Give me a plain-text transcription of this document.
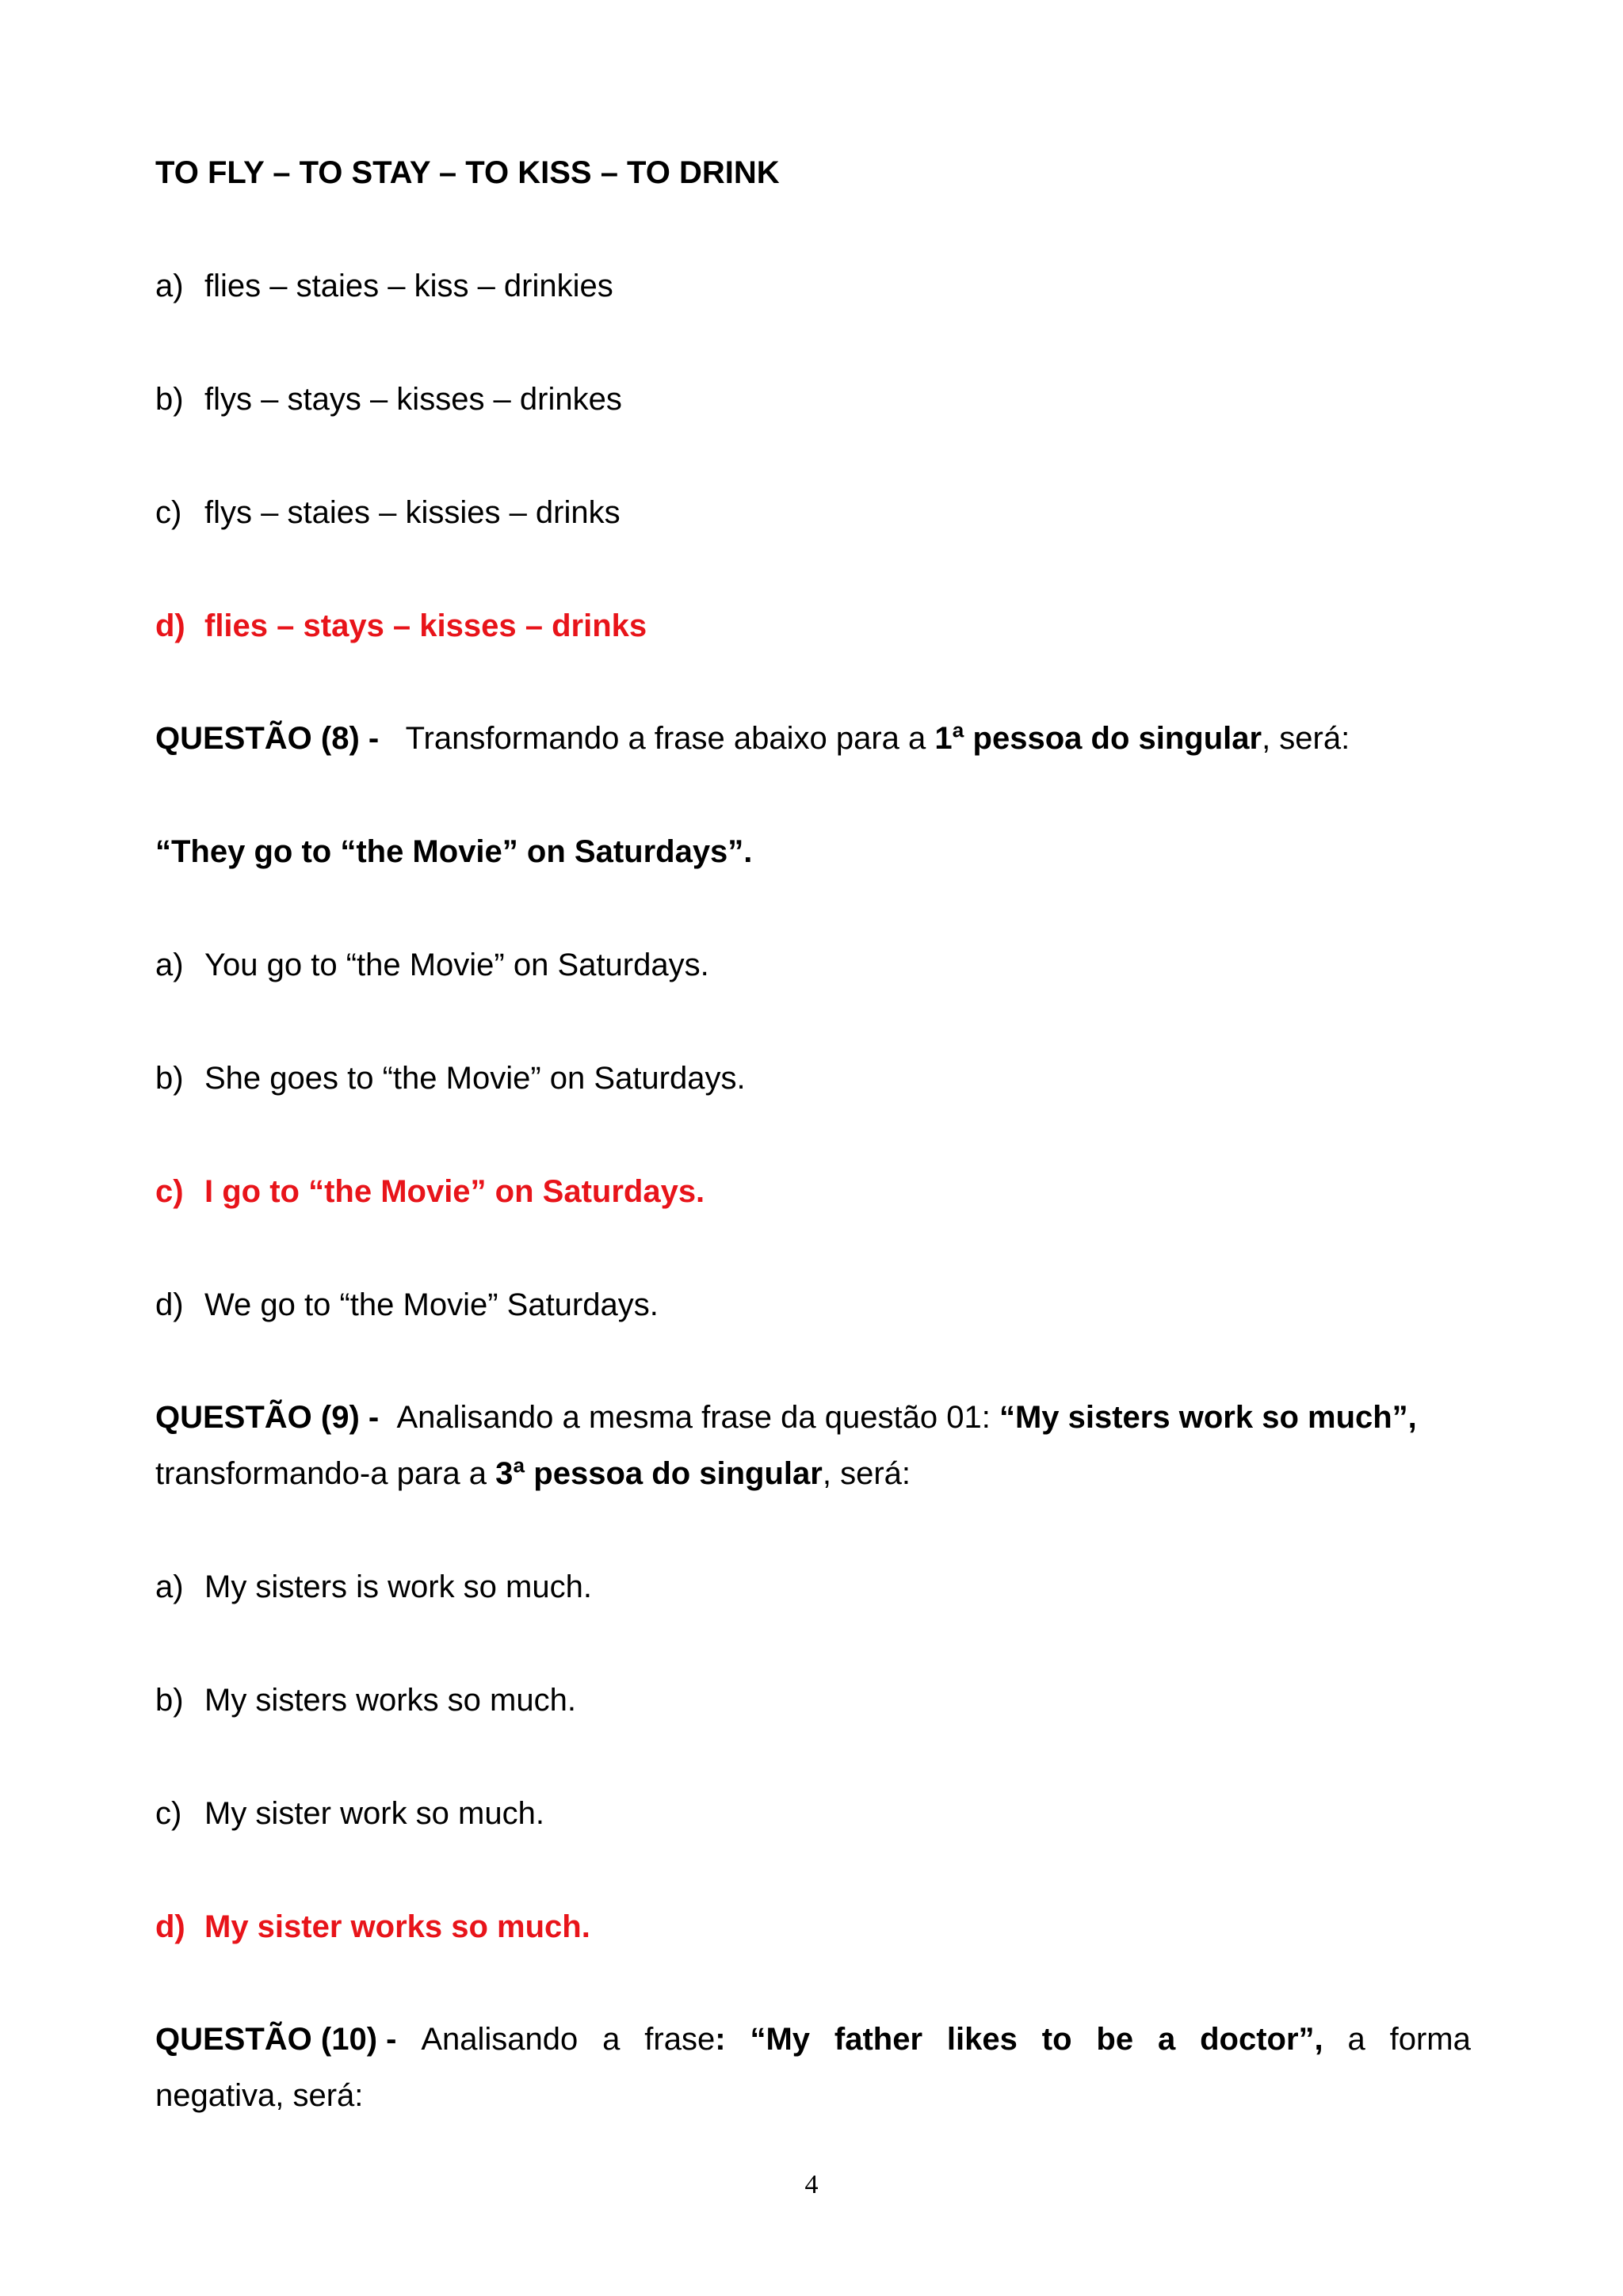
TO FLY – TO STAY – TO KISS – TO DRINK
a) flies – staies – kiss – drinkies
b) flys – stays – kisses – drinkes
c) flys – staies – kissies – drinks
d) flies – stays – kisses – drinks
QUESTÃO (8) - Transformando a frase abaixo para a 1ª pessoa do singular, será:
“They go to “the Movie” on Saturdays”.
a) You go to “the Movie” on Saturdays.
b) She goes to “the Movie” on Saturdays.
c) I go to “the Movie” on Saturdays.
d) We go to “the Movie” Saturdays.
QUESTÃO (9) - Analisando a mesma frase da questão 01: “My sisters work so much”,
transformando-a para a 3ª pessoa do singular, será:
a) My sisters is work so much.
b) My sisters works so much.
c) My sister work so much.
d) My sister works so much.
QUESTÃO (10) - Analisando a frase: “My father likes to be a doctor”, a forma
negativa, será:
4
